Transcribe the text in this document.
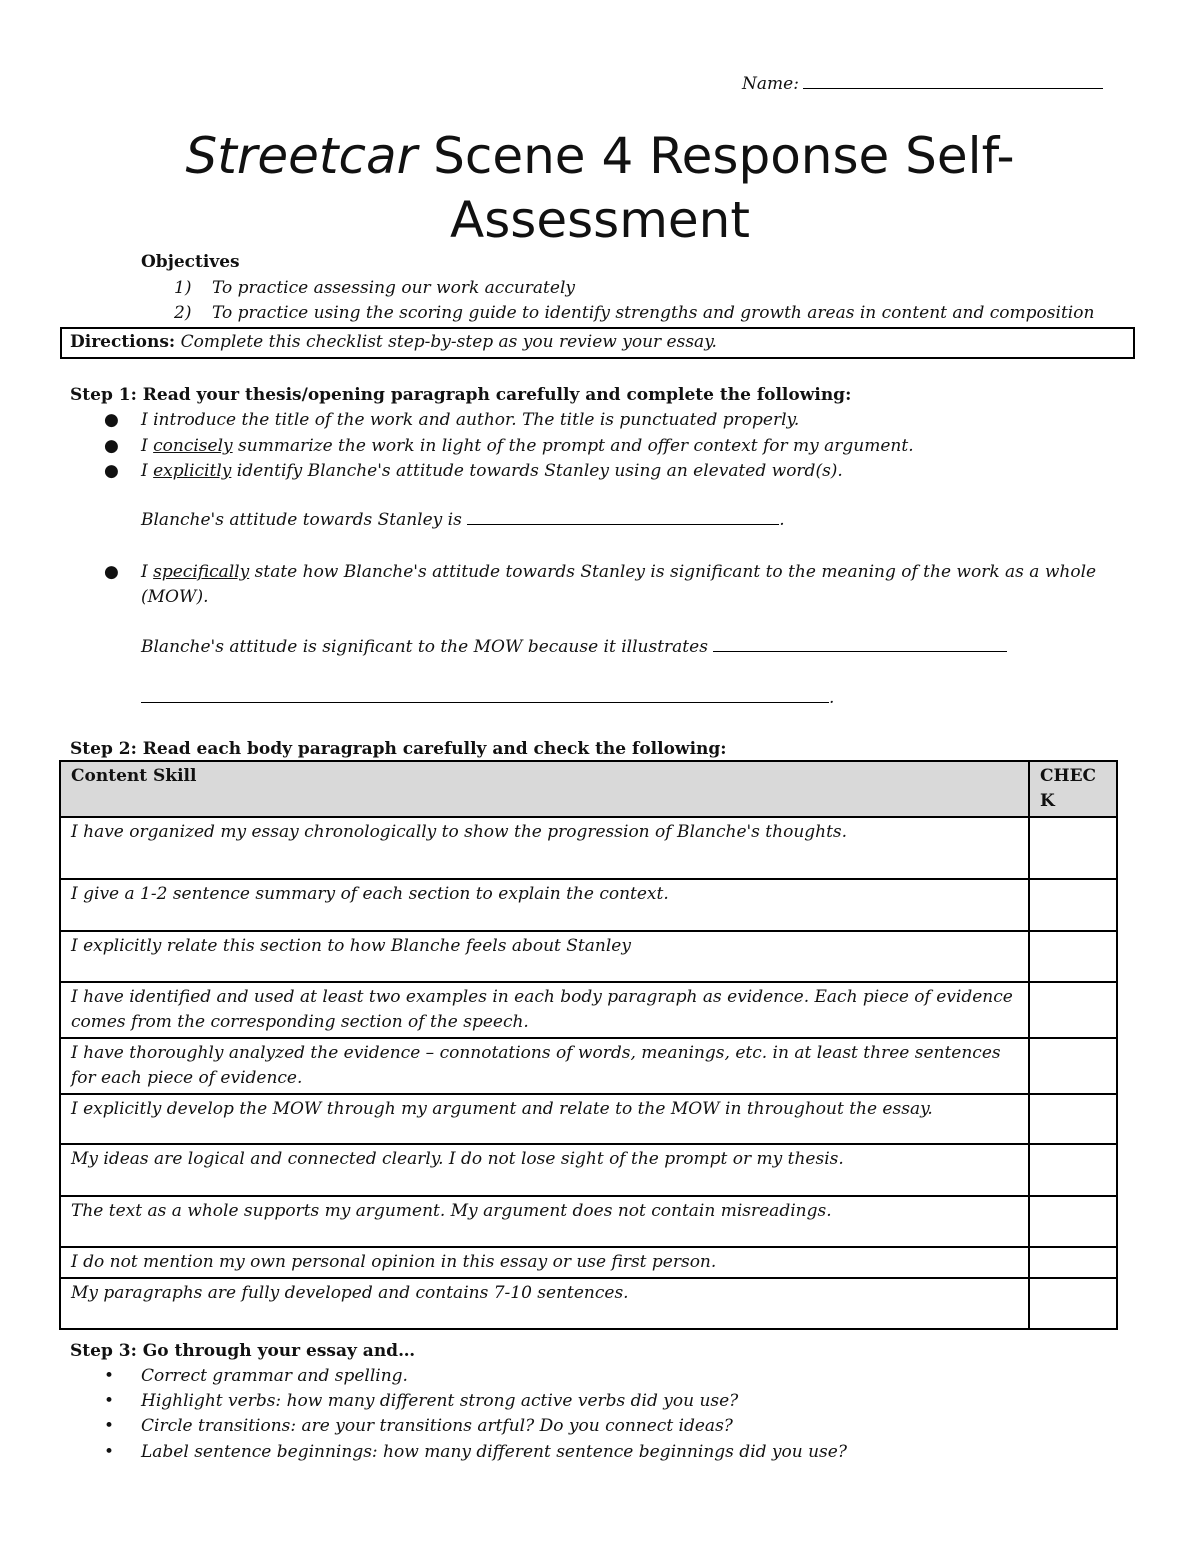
Name:
Streetcar Scene 4 Response Self-Assessment
Objectives
1) To practice assessing our work accurately
2) To practice using the scoring guide to identify strengths and growth areas in content and composition
Directions: Complete this checklist step-by-step as you review your essay.
Step 1: Read your thesis/opening paragraph carefully and complete the following:
● I introduce the title of the work and author. The title is punctuated properly.
● I concisely summarize the work in light of the prompt and offer context for my argument.
● I explicitly identify Blanche's attitude towards Stanley using an elevated word(s).
Blanche's attitude towards Stanley is	.
● I specifically state how Blanche's attitude towards Stanley is significant to the meaning of the work as a whole (MOW).
Blanche's attitude is significant to the MOW because it illustrates
.
Step 2: Read each body paragraph carefully and check the following:
Content Skill	CHECK
I have organized my essay chronologically to show the progression of Blanche's thoughts.	
I give a 1-2 sentence summary of each section to explain the context.	
I explicitly relate this section to how Blanche feels about Stanley	
I have identified and used at least two examples in each body paragraph as evidence. Each piece of evidence comes from the corresponding section of the speech.	
I have thoroughly analyzed the evidence – connotations of words, meanings, etc. in at least three sentences for each piece of evidence.	
I explicitly develop the MOW through my argument and relate to the MOW in throughout the essay.	
My ideas are logical and connected clearly. I do not lose sight of the prompt or my thesis.	
The text as a whole supports my argument. My argument does not contain misreadings.	
I do not mention my own personal opinion in this essay or use first person.	
My paragraphs are fully developed and contains 7-10 sentences.	
Step 3: Go through your essay and…
• Correct grammar and spelling.
• Highlight verbs: how many different strong active verbs did you use?
• Circle transitions: are your transitions artful? Do you connect ideas?
• Label sentence beginnings: how many different sentence beginnings did you use?
